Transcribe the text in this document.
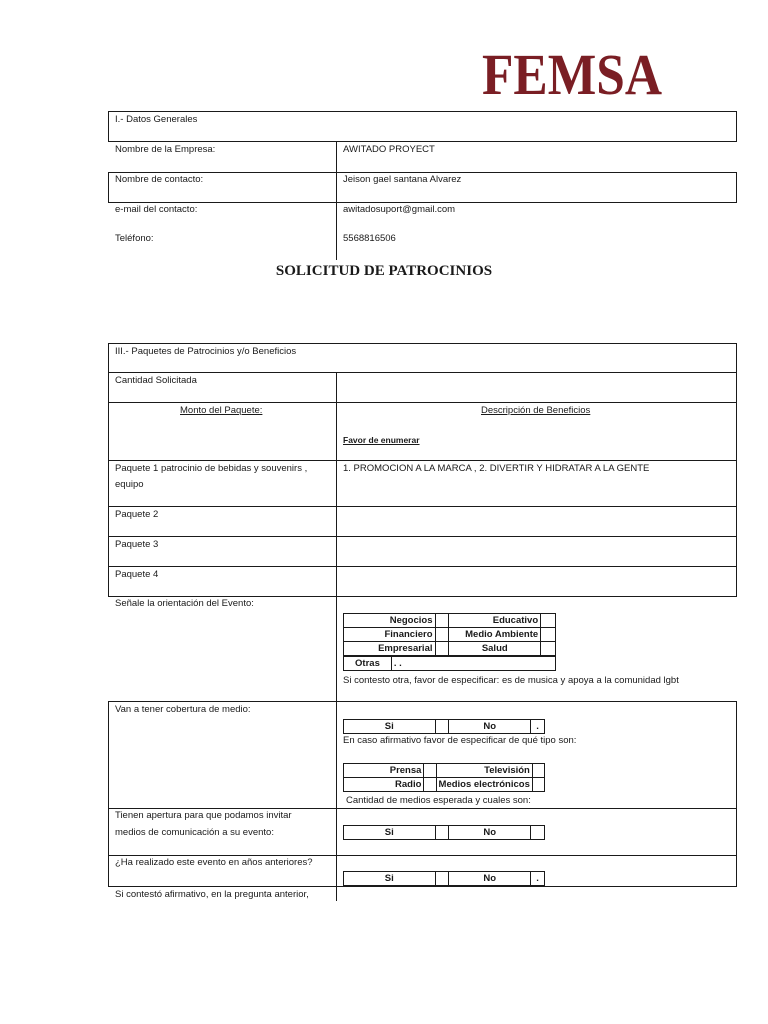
FEMSA
I.- Datos Generales
Nombre de la Empresa:	AWITADO PROYECT
Nombre de contacto:	Jeison gael santana Alvarez
e-mail del contacto:	awitadosuport@gmail.com
Teléfono:	5568816506
SOLICITUD DE PATROCINIOS
III.- Paquetes de Patrocinios y/o Beneficios
Cantidad Solicitada
Monto del Paquete:	Descripción de Beneficios
Favor de enumerar
Paquete 1 patrocinio de bebidas y souvenirs ,
equipo
1. PROMOCION A LA MARCA , 2. DIVERTIR Y HIDRATAR A LA GENTE
Paquete 2
Paquete 3
Paquete 4
Señale la orientación del Evento:
Negocios		Educativo	
Financiero		Medio Ambiente	
Empresarial		Salud	
Otras	. .
Si contesto otra, favor de especificar: es de musica y apoya a la comunidad lgbt
Van a tener cobertura de medio:
Si		No	.
En caso afirmativo favor de especificar de qué tipo son:
Prensa		Televisión	
Radio		Medios electrónicos	
Cantidad de medios esperada y cuales son:
Tienen apertura para que podamos invitar
medios de comunicación a su evento:	Si		No	
¿Ha realizado este evento en años anteriores?
Si		No	.
Si contestó afirmativo, en la pregunta anterior,
